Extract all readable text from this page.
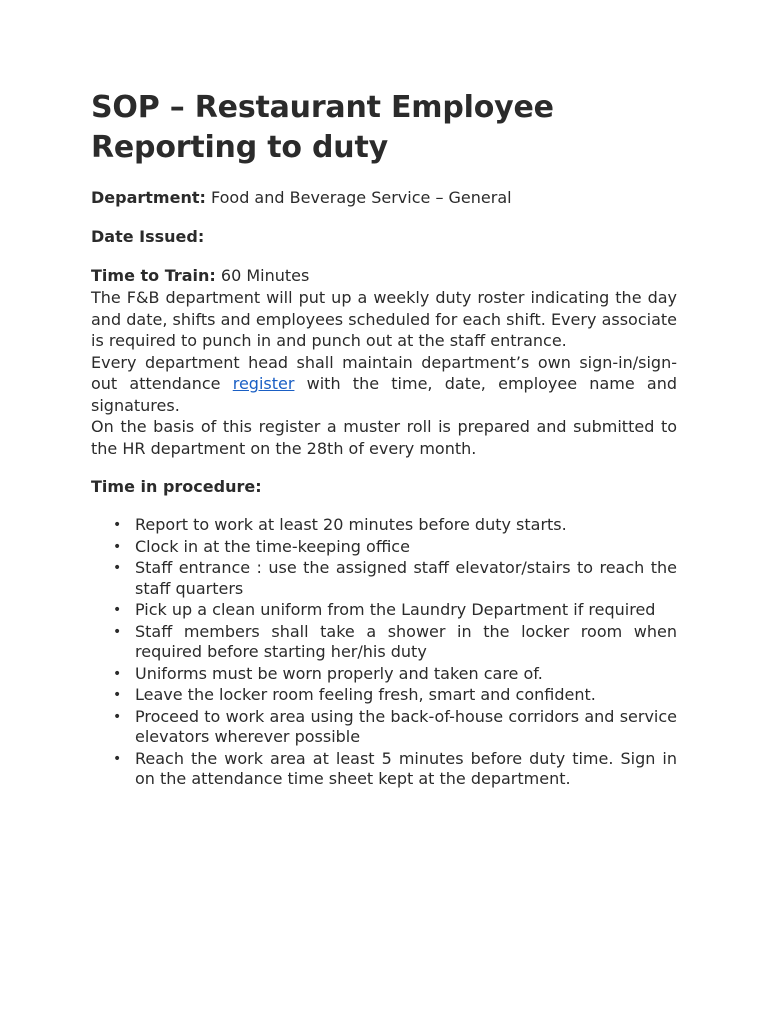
SOP – Restaurant Employee Reporting to duty

Department: Food and Beverage Service – General

Date Issued:

Time to Train: 60 Minutes

The F&B department will put up a weekly duty roster indicating the day and date, shifts and employees scheduled for each shift. Every associate is required to punch in and punch out at the staff entrance.

Every department head shall maintain department’s own sign-in/sign-out attendance register with the time, date, employee name and signatures.

On the basis of this register a muster roll is prepared and submitted to the HR department on the 28th of every month.

Time in procedure:

• Report to work at least 20 minutes before duty starts.
• Clock in at the time-keeping office
• Staff entrance : use the assigned staff elevator/stairs to reach the staff quarters
• Pick up a clean uniform from the Laundry Department if required
• Staff members shall take a shower in the locker room when required before starting her/his duty
• Uniforms must be worn properly and taken care of.
• Leave the locker room feeling fresh, smart and confident.
• Proceed to work area using the back-of-house corridors and service elevators wherever possible
• Reach the work area at least 5 minutes before duty time. Sign in on the attendance time sheet kept at the department.
